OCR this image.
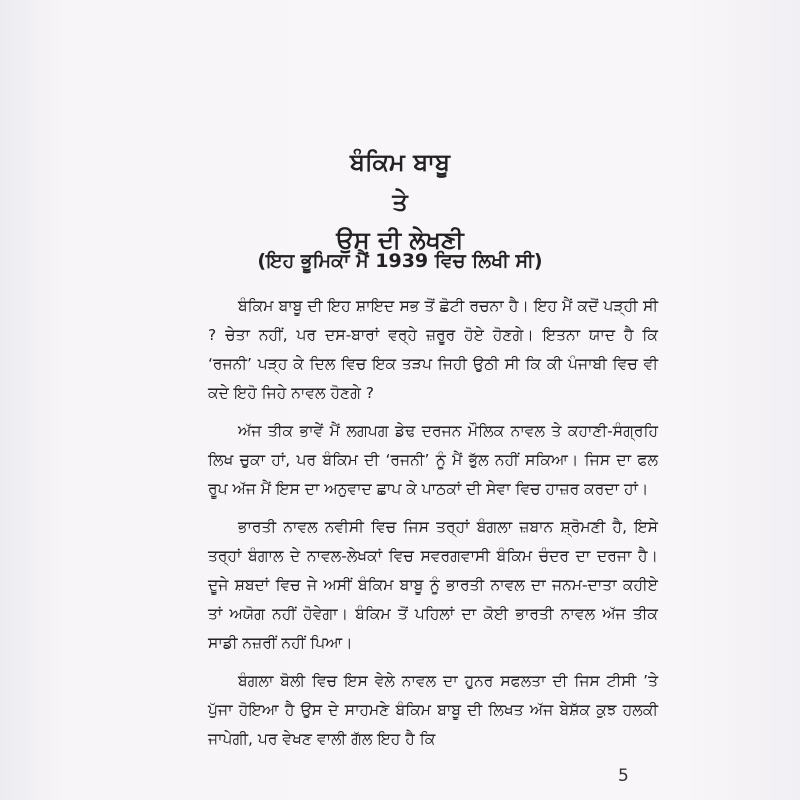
ਬੰਕਿਮ ਬਾਬੂ
ਤੇ
ਉਸ ਦੀ ਲੇਖਣੀ
(ਇਹ ਭੂਮਿਕਾ ਮੈਂ 1939 ਵਿਚ ਲਿਖੀ ਸੀ)

ਬੰਕਿਮ ਬਾਬੂ ਦੀ ਇਹ ਸ਼ਾਇਦ ਸਭ ਤੋਂ ਛੋਟੀ ਰਚਨਾ ਹੈ। ਇਹ ਮੈਂ ਕਦੋਂ ਪੜ੍ਹੀ ਸੀ ? ਚੇਤਾ ਨਹੀਂ, ਪਰ ਦਸ-ਬਾਰਾਂ ਵਰ੍ਹੇ ਜ਼ਰੂਰ ਹੋਏ ਹੋਣਗੇ। ਇਤਨਾ ਯਾਦ ਹੈ ਕਿ ‘ਰਜਨੀ’ ਪੜ੍ਹ ਕੇ ਦਿਲ ਵਿਚ ਇਕ ਤੜਪ ਜਿਹੀ ਉਠੀ ਸੀ ਕਿ ਕੀ ਪੰਜਾਬੀ ਵਿਚ ਵੀ ਕਦੇ ਇਹੋ ਜਿਹੇ ਨਾਵਲ ਹੋਣਗੇ ?

ਅੱਜ ਤੀਕ ਭਾਵੇਂ ਮੈਂ ਲਗਪਗ ਡੇਢ ਦਰਜਨ ਮੌਲਿਕ ਨਾਵਲ ਤੇ ਕਹਾਣੀ-ਸੰਗ੍ਰਹਿ ਲਿਖ ਚੁਕਾ ਹਾਂ, ਪਰ ਬੰਕਿਮ ਦੀ ‘ਰਜਨੀ’ ਨੂੰ ਮੈਂ ਭੁੱਲ ਨਹੀਂ ਸਕਿਆ। ਜਿਸ ਦਾ ਫਲ ਰੂਪ ਅੱਜ ਮੈਂ ਇਸ ਦਾ ਅਨੁਵਾਦ ਛਾਪ ਕੇ ਪਾਠਕਾਂ ਦੀ ਸੇਵਾ ਵਿਚ ਹਾਜ਼ਰ ਕਰਦਾ ਹਾਂ।

ਭਾਰਤੀ ਨਾਵਲ ਨਵੀਸੀ ਵਿਚ ਜਿਸ ਤਰ੍ਹਾਂ ਬੰਗਲਾ ਜ਼ਬਾਨ ਸ਼੍ਰੋਮਣੀ ਹੈ, ਇਸੇ ਤਰ੍ਹਾਂ ਬੰਗਾਲ ਦੇ ਨਾਵਲ-ਲੇਖਕਾਂ ਵਿਚ ਸਵਰਗਵਾਸੀ ਬੰਕਿਮ ਚੰਦਰ ਦਾ ਦਰਜਾ ਹੈ। ਦੂਜੇ ਸ਼ਬਦਾਂ ਵਿਚ ਜੇ ਅਸੀਂ ਬੰਕਿਮ ਬਾਬੂ ਨੂੰ ਭਾਰਤੀ ਨਾਵਲ ਦਾ ਜਨਮ-ਦਾਤਾ ਕਹੀਏ ਤਾਂ ਅਯੋਗ ਨਹੀਂ ਹੋਵੇਗਾ। ਬੰਕਿਮ ਤੋਂ ਪਹਿਲਾਂ ਦਾ ਕੋਈ ਭਾਰਤੀ ਨਾਵਲ ਅੱਜ ਤੀਕ ਸਾਡੀ ਨਜ਼ਰੀਂ ਨਹੀਂ ਪਿਆ।

ਬੰਗਲਾ ਬੋਲੀ ਵਿਚ ਇਸ ਵੇਲੇ ਨਾਵਲ ਦਾ ਹੁਨਰ ਸਫਲਤਾ ਦੀ ਜਿਸ ਟੀਸੀ ’ਤੇ ਪੁੱਜਾ ਹੋਇਆ ਹੈ ਉਸ ਦੇ ਸਾਹਮਣੇ ਬੰਕਿਮ ਬਾਬੂ ਦੀ ਲਿਖਤ ਅੱਜ ਬੇਸ਼ੱਕ ਕੁਝ ਹਲਕੀ ਜਾਪੇਗੀ, ਪਰ ਵੇਖਣ ਵਾਲੀ ਗੱਲ ਇਹ ਹੈ ਕਿ

5
